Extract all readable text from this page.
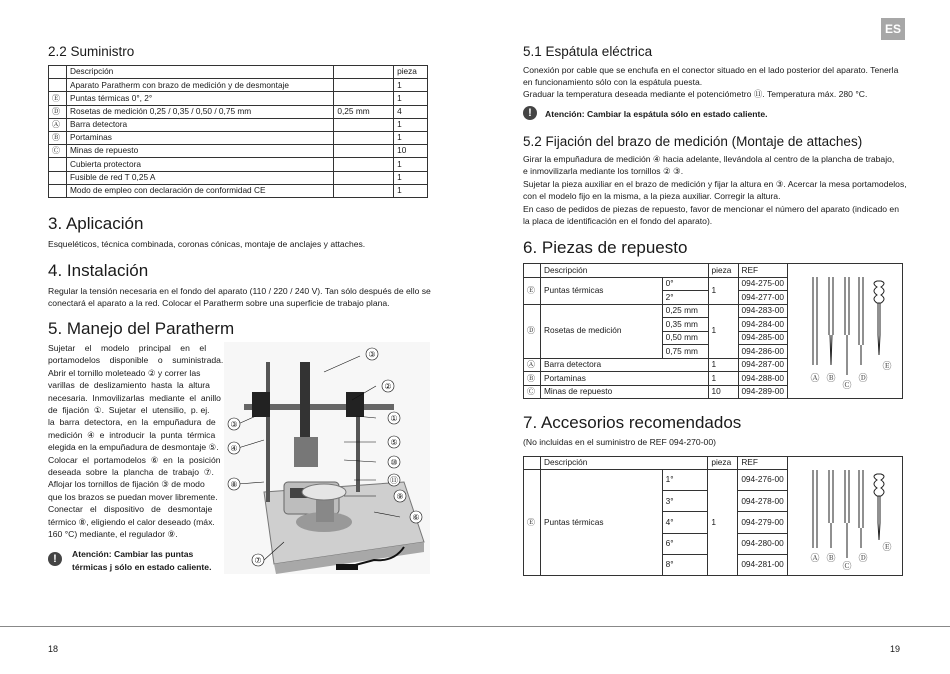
ES
2.2 Suministro
	Descripción		pieza
	Aparato Paratherm con brazo de medición y de desmontaje		1
Ⓔ	Puntas térmicas 0°, 2°		1
Ⓓ	Rosetas de medición 0,25 / 0,35 / 0,50 / 0,75 mm	0,25 mm	4
Ⓐ	Barra detectora		1
Ⓑ	Portaminas		1
Ⓒ	Minas de repuesto		10
	Cubierta protectora		1
	Fusible de red T 0,25 A		1
	Modo de empleo con declaración de conformidad CE		1
3. Aplicación

Esqueléticos, técnica combinada, coronas cónicas, montaje de anclajes y attaches.

4. Instalación

Regular la tensión necesaria en el fondo del aparato (110 / 220 / 240 V). Tan sólo después de ello se

conectará el aparato a la red. Colocar el Paratherm sobre una superficie de trabajo plana.

5. Manejo del Paratherm

Sujetar    el    modelo    principal    en    el

portamodelos    disponible    o    suministrada.

Abrir el tornillo moleteado ② y correr las

varillas  de  deslizamiento  hasta  la  altura

necesaria.  Inmovilizarlas  mediante  el  anillo

de  fijación  ①.  Sujetar  el  utensilio,  p. ej.

la  barra  detectora,  en  la  empuñadura  de

medición  ④  e  introducir  la  punta  térmica

elegida en la empuñadura de desmontaje ⑤.

Colocar  el  portamodelos  ⑥  en  la  posición

deseada  sobre  la  plancha  de  trabajo  ⑦.

Aflojar los tornillos de fijación ③ de modo

que los brazos se puedan mover libremente.

Conectar   el   dispositivo   de   desmontaje

térmico ⑧, eligiendo el calor deseado (máx.

160 °C) mediante, el regulador ⑨.

!	Atención: Cambiar las puntas

térmicas j sólo en estado caliente.

③
②
①
⑤
⑩
⑪
⑨
⑥
⑦
⑧
④
③
5.1 Espátula eléctrica

Conexión por cable que se enchufa en el conector situado en el lado posterior del aparato. Tenerla

en funcionamiento sólo con la espátula puesta.

Graduar la temperatura deseada mediante el potenciómetro ⑪. Temperatura máx. 280 °C.

!	Atención: Cambiar la espátula sólo en estado caliente.

5.2 Fijación del brazo de medición (Montaje de attaches)

Girar la empuñadura de medición ④ hacia adelante, llevándola al centro de la plancha de trabajo,

e inmovilizarla mediante los tornillos ② ③.

Sujetar la pieza auxiliar en el brazo de medición y fijar la altura en ③. Acercar la mesa portamodelos,

con el modelo fijo en la misma, a la pieza auxiliar. Corregir la altura.

En caso de pedidos de piezas de repuesto, favor de mencionar el número del aparato (indicado en

la placa de identificación en el fondo del aparato).

6. Piezas de repuesto
	Descripción		pieza	REF	
Ⓔ	Puntas térmicas	0°	1	094-275-00	
		2°		094-277-00	
Ⓓ	Rosetas de medición	0,25 mm	1	094-283-00	
		0,35 mm		094-284-00	
		0,50 mm		094-285-00	
		0,75 mm		094-286-00	
Ⓐ	Barra detectora		1	094-287-00	
Ⓑ	Portaminas		1	094-288-00	
Ⓒ	Minas de repuesto		10	094-289-00	
7. Accesorios recomendados

(No incluidas en el suministro de REF 094-270-00)

	Descripción		pieza	REF	
Ⓔ	Puntas térmicas	1°	1	094-276-00	
		3°		094-278-00	
		4°		094-279-00	
		6°		094-280-00	
		8°		094-281-00	
Ⓐ Ⓑ
Ⓒ
Ⓓ
Ⓔ
Ⓐ Ⓑ
Ⓒ
Ⓓ
Ⓔ
18	19
